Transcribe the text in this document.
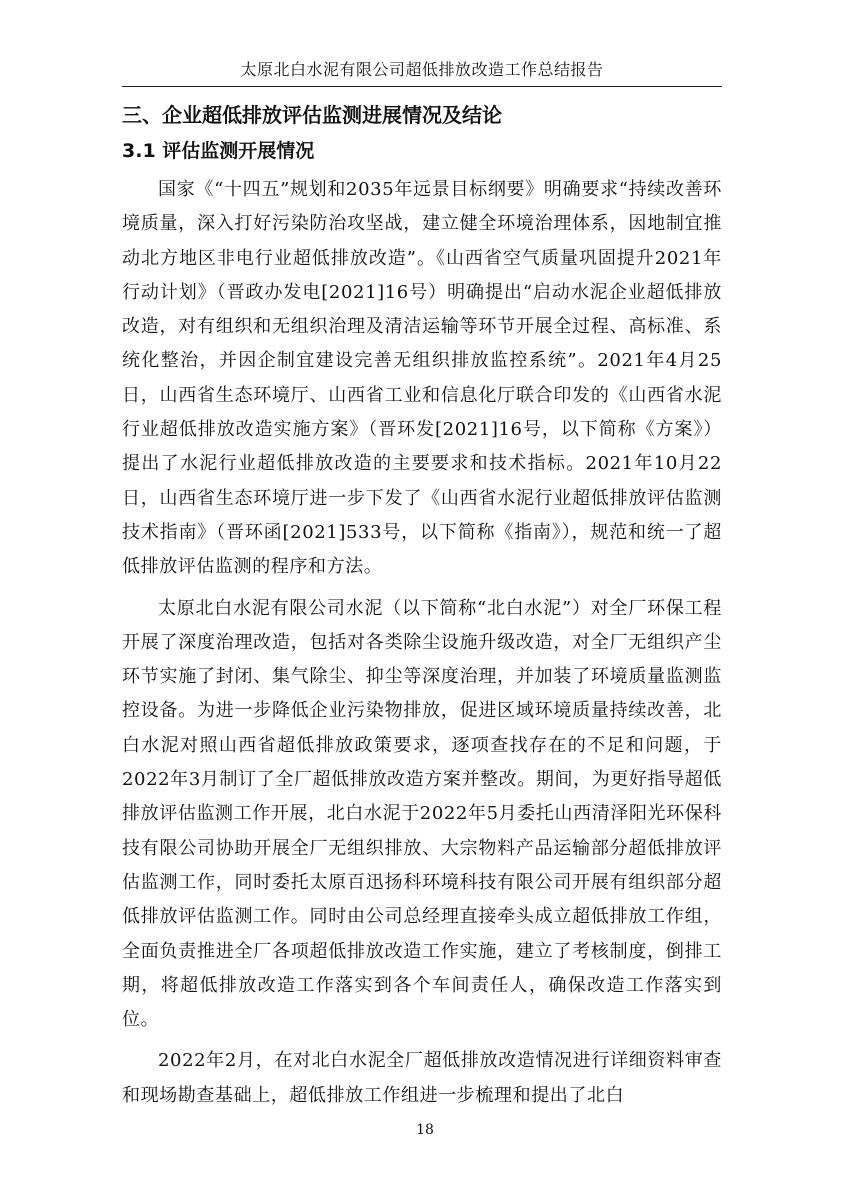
太原北白水泥有限公司超低排放改造工作总结报告
三、企业超低排放评估监测进展情况及结论
3.1 评估监测开展情况

国家《“十四五”规划和2035年远景目标纲要》明确要求“持续改善环境质量，深入打好污染防治攻坚战，建立健全环境治理体系，因地制宜推动北方地区非电行业超低排放改造”。《山西省空气质量巩固提升2021年行动计划》（晋政办发电[2021]16号）明确提出“启动水泥企业超低排放改造，对有组织和无组织治理及清洁运输等环节开展全过程、高标准、系统化整治，并因企制宜建设完善无组织排放监控系统”。2021年4月25日，山西省生态环境厅、山西省工业和信息化厅联合印发的《山西省水泥行业超低排放改造实施方案》（晋环发[2021]16号，以下简称《方案》）提出了水泥行业超低排放改造的主要要求和技术指标。2021年10月22日，山西省生态环境厅进一步下发了《山西省水泥行业超低排放评估监测技术指南》（晋环函[2021]533号，以下简称《指南》），规范和统一了超低排放评估监测的程序和方法。

太原北白水泥有限公司水泥（以下简称“北白水泥”）对全厂环保工程开展了深度治理改造，包括对各类除尘设施升级改造，对全厂无组织产尘环节实施了封闭、集气除尘、抑尘等深度治理，并加装了环境质量监测监控设备。为进一步降低企业污染物排放，促进区域环境质量持续改善，北白水泥对照山西省超低排放政策要求，逐项查找存在的不足和问题，于2022年3月制订了全厂超低排放改造方案并整改。期间，为更好指导超低排放评估监测工作开展，北白水泥于2022年5月委托山西清泽阳光环保科技有限公司协助开展全厂无组织排放、大宗物料产品运输部分超低排放评估监测工作，同时委托太原百迅扬科环境科技有限公司开展有组织部分超低排放评估监测工作。同时由公司总经理直接牵头成立超低排放工作组，全面负责推进全厂各项超低排放改造工作实施，建立了考核制度，倒排工期，将超低排放改造工作落实到各个车间责任人，确保改造工作落实到位。

2022年2月，在对北白水泥全厂超低排放改造情况进行详细资料审查和现场勘查基础上，超低排放工作组进一步梳理和提出了北白

18
